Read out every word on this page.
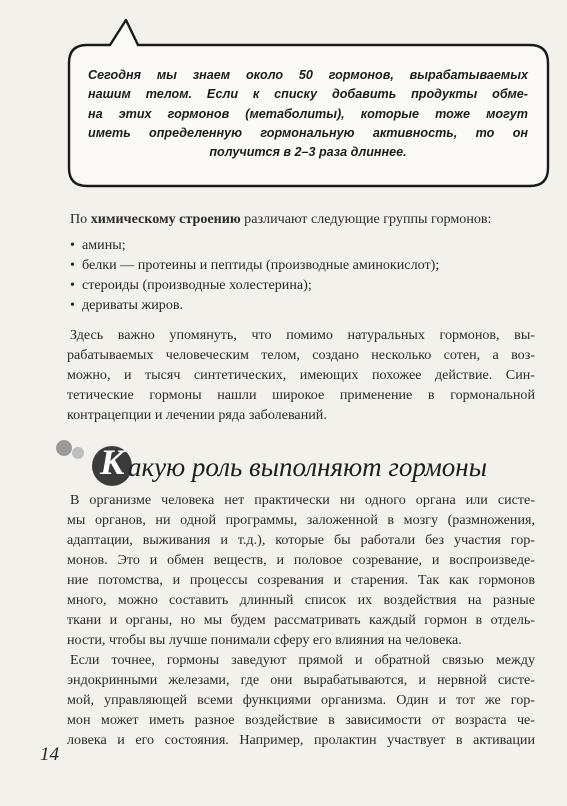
Сегодня мы знаем около 50 гормонов, вырабатываемых
нашим телом. Если к списку добавить продукты обме-
на этих гормонов (метаболиты), которые тоже могут
иметь определенную гормональную активность, то он
получится в 2–3 раза длиннее.
По химическому строению различают следующие группы гормонов:
• амины;
• белки — протеины и пептиды (производные аминокислот);
• стероиды (производные холестерина);
• дериваты жиров.
Здесь важно упомянуть, что помимо натуральных гормонов, вы-
рабатываемых человеческим телом, создано несколько сотен, а воз-
можно, и тысяч синтетических, имеющих похожее действие. Син-
тетические гормоны нашли широкое применение в гормональной
контрацепции и лечении ряда заболеваний.
К акую роль выполняют гормоны
В организме человека нет практически ни одного органа или систе-
мы органов, ни одной программы, заложенной в мозгу (размножения,
адаптации, выживания и т.д.), которые бы работали без участия гор-
монов. Это и обмен веществ, и половое созревание, и воспроизведе-
ние потомства, и процессы созревания и старения. Так как гормонов
много, можно составить длинный список их воздействия на разные
ткани и органы, но мы будем рассматривать каждый гормон в отдель-
ности, чтобы вы лучше понимали сферу его влияния на человека.
Если точнее, гормоны заведуют прямой и обратной связью между
эндокринными железами, где они вырабатываются, и нервной систе-
мой, управляющей всеми функциями организма. Один и тот же гор-
мон может иметь разное воздействие в зависимости от возраста че-
ловека и его состояния. Например, пролактин участвует в активации
14
